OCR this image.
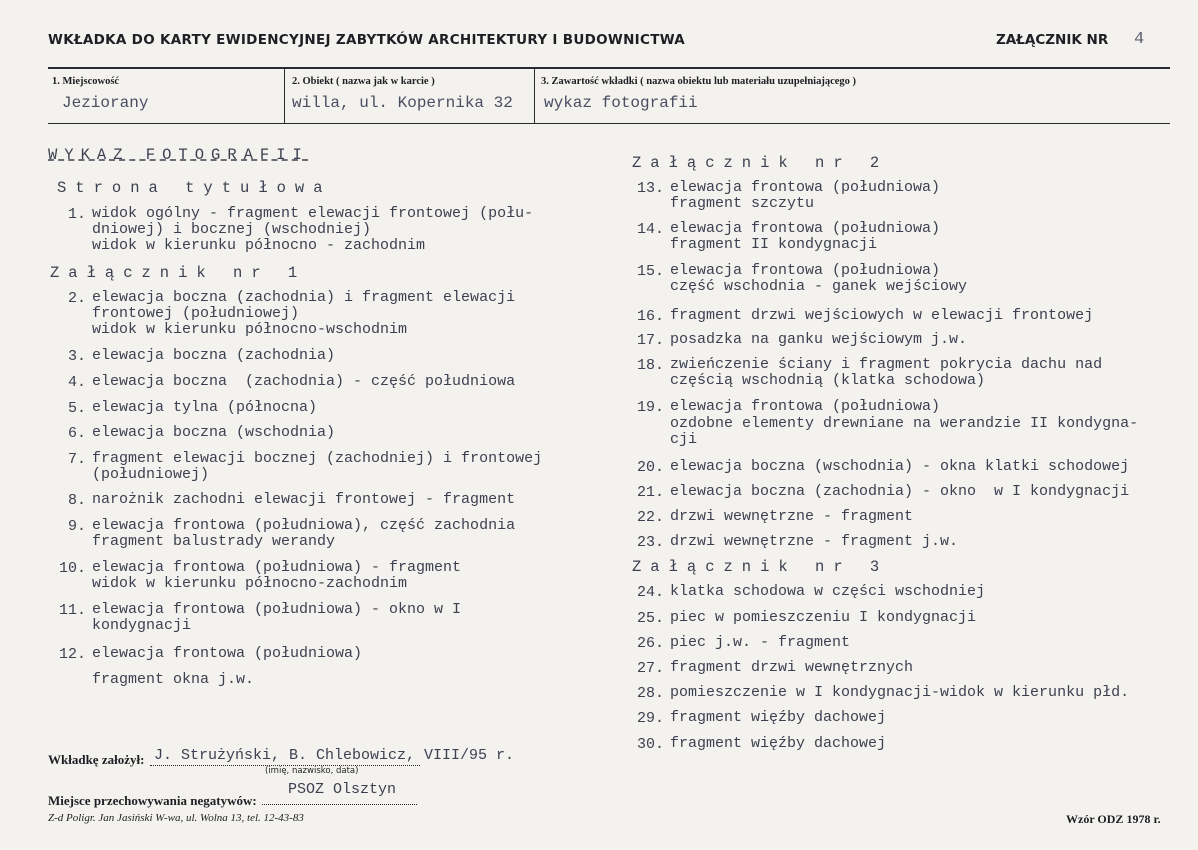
WKŁADKA DO KARTY EWIDENCYJNEJ ZABYTKÓW ARCHITEKTURY I BUDOWNICTWA	ZAŁĄCZNIK NR 4
1. Miejscowość
Jeziorany
2. Obiekt ( nazwa jak w karcie )
willa, ul. Kopernika 32
3. Zawartość wkładki ( nazwa obiektu lub materiału uzupełniającego )
wykaz fotografii
WYKAZ FOTOGRAFII
Strona tytułowa
1. widok ogólny - fragment elewacji frontowej (połu-
dniowej) i bocznej (wschodniej)
widok w kierunku północno - zachodnim
Załącznik nr 1
2. elewacja boczna (zachodnia) i fragment elewacji
frontowej (południowej)
widok w kierunku północno-wschodnim
3. elewacja boczna (zachodnia)
4. elewacja boczna  (zachodnia) - część południowa
5. elewacja tylna (północna)
6. elewacja boczna (wschodnia)
7. fragment elewacji bocznej (zachodniej) i frontowej
(południowej)
8. narożnik zachodni elewacji frontowej - fragment
9. elewacja frontowa (południowa), część zachodnia
fragment balustrady werandy
10. elewacja frontowa (południowa) - fragment
widok w kierunku północno-zachodnim
11. elewacja frontowa (południowa) - okno w I
kondygnacji
12. elewacja frontowa (południowa)
fragment okna j.w.
Załącznik nr 2
13. elewacja frontowa (południowa)
fragment szczytu
14. elewacja frontowa (południowa)
fragment II kondygnacji
15. elewacja frontowa (południowa)
część wschodnia - ganek wejściowy
16. fragment drzwi wejściowych w elewacji frontowej
17. posadzka na ganku wejściowym j.w.
18. zwieńczenie ściany i fragment pokrycia dachu nad
częścią wschodnią (klatka schodowa)
19. elewacja frontowa (południowa)
ozdobne elementy drewniane na werandzie II kondygna-
cji
20. elewacja boczna (wschodnia) - okna klatki schodowej
21. elewacja boczna (zachodnia) - okno  w I kondygnacji
22. drzwi wewnętrzne - fragment
23. drzwi wewnętrzne - fragment j.w.
Załącznik nr 3
24. klatka schodowa w części wschodniej
25. piec w pomieszczeniu I kondygnacji
26. piec j.w. - fragment
27. fragment drzwi wewnętrznych
28. pomieszczenie w I kondygnacji-widok w kierunku płd.
29. fragment więźby dachowej
30. fragment więźby dachowej
Wkładkę założył: J. Strużyński, B. Chlebowicz, VIII/95 r.
(imię, nazwisko, data)
PSOZ Olsztyn
Miejsce przechowywania negatywów:
Z-d Poligr. Jan Jasiński W-wa, ul. Wolna 13, tel. 12-43-83	Wzór ODZ 1978 r.
